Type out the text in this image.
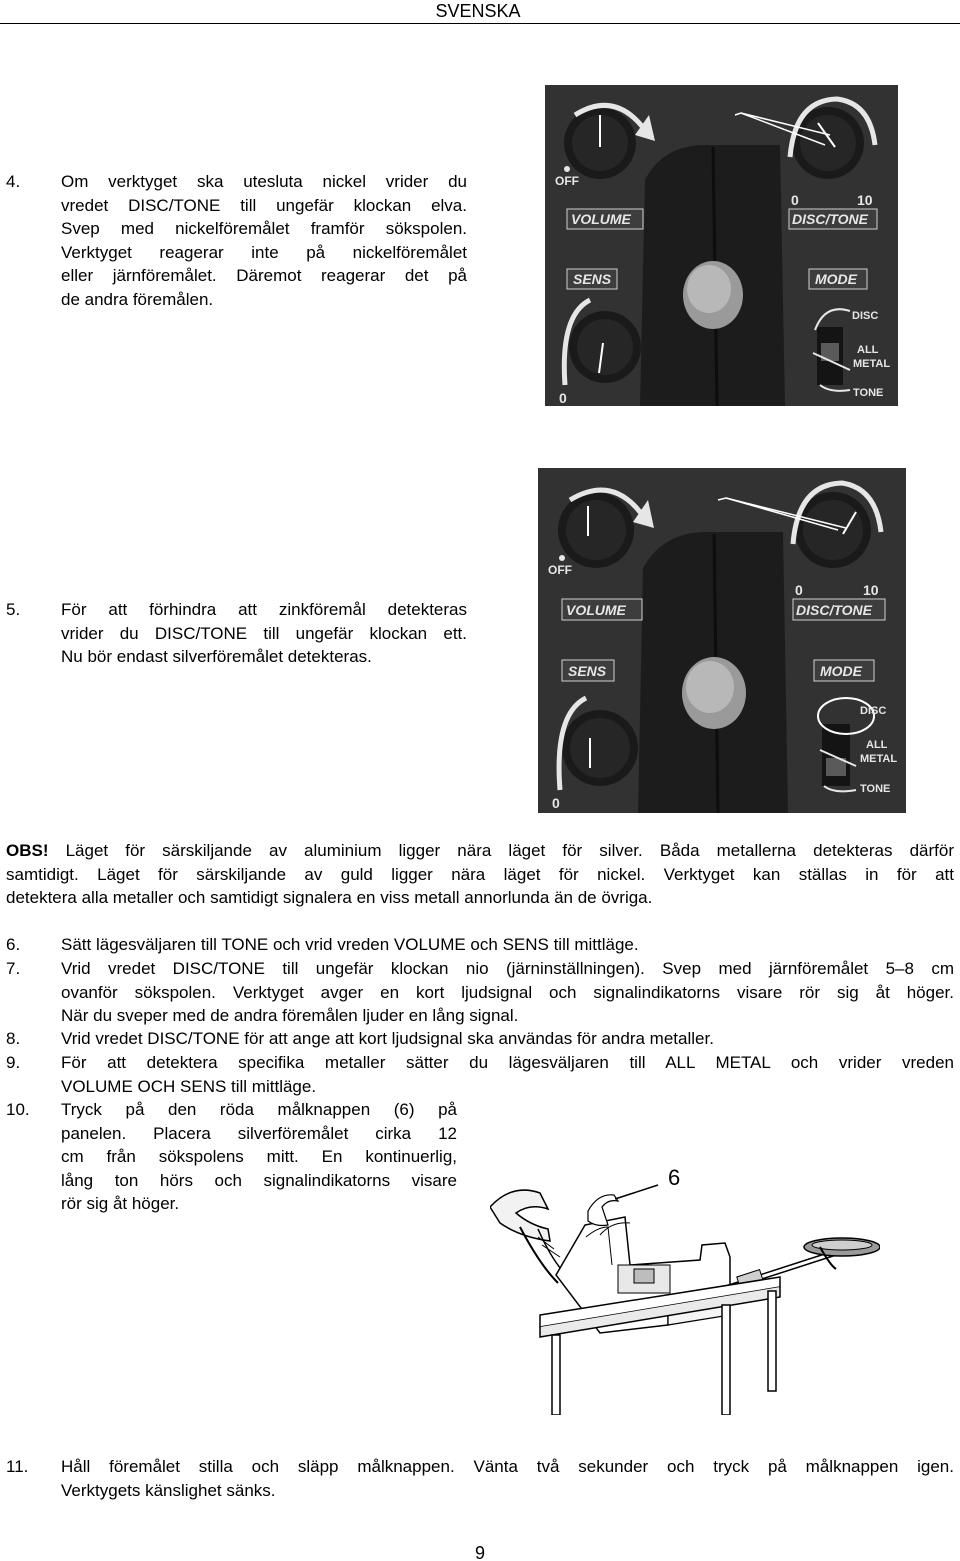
SVENSKA
4. Om verktyget ska utesluta nickel vrider du
vredet DISC/TONE till ungefär klockan elva.
Svep med nickelföremålet framför sökspolen.
Verktyget reagerar inte på nickelföremålet
eller järnföremålet. Däremot reagerar det på
de andra föremålen.
OFF
0	10
VOLUME	DISC/TONE
SENS	MODE
0
DISC
ALL
METAL
TONE
5. För att förhindra att zinkföremål detekteras
vrider du DISC/TONE till ungefär klockan ett.
Nu bör endast silverföremålet detekteras.
OFF
0	10
VOLUME	DISC/TONE
SENS	MODE
0
DISC
ALL
METAL
TONE
OBS! Läget för särskiljande av aluminium ligger nära läget för silver. Båda metallerna detekteras därför
samtidigt. Läget för särskiljande av guld ligger nära läget för nickel. Verktyget kan ställas in för att
detektera alla metaller och samtidigt signalera en viss metall annorlunda än de övriga.
6. Sätt lägesväljaren till TONE och vrid vreden VOLUME och SENS till mittläge.
7. Vrid vredet DISC/TONE till ungefär klockan nio (järninställningen). Svep med järnföremålet 5–8 cm
ovanför sökspolen. Verktyget avger en kort ljudsignal och signalindikatorns visare rör sig åt höger.
När du sveper med de andra föremålen ljuder en lång signal.
8. Vrid vredet DISC/TONE för att ange att kort ljudsignal ska användas för andra metaller.
9. För att detektera specifika metaller sätter du lägesväljaren till ALL METAL och vrider vreden
VOLUME OCH SENS till mittläge.
10. Tryck på den röda målknappen (6) på
panelen. Placera silverföremålet cirka 12
cm från sökspolens mitt. En kontinuerlig,
lång ton hörs och signalindikatorns visare
rör sig åt höger.
6
11. Håll föremålet stilla och släpp målknappen. Vänta två sekunder och tryck på målknappen igen.
Verktygets känslighet sänks.
9
